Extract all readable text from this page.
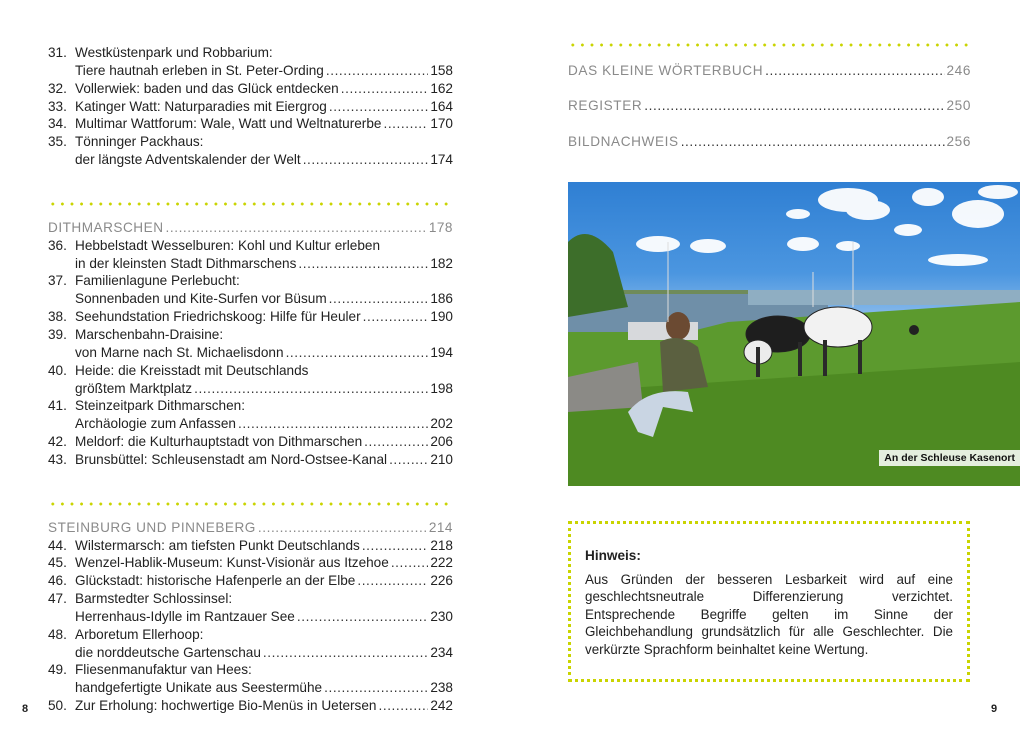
31. Westküstenpark und Robbarium:
Tiere hautnah erleben in St. Peter-Ording . . .	158
32. Vollerwiek: baden und das Glück entdecken . . .	162
33. Katinger Watt: Naturparadies mit Eiergrog . . .	164
34. Multimar Wattforum: Wale, Watt und Weltnaturerbe . . .	170
35. Tönninger Packhaus:
der längste Adventskalender der Welt . . .	174
DITHMARSCHEN . . .	178
36. Hebbelstadt Wesselburen: Kohl und Kultur erleben
in der kleinsten Stadt Dithmarschens . . .	182
37. Familienlagune Perlebucht:
Sonnenbaden und Kite-Surfen vor Büsum . . .	186
38. Seehundstation Friedrichskoog: Hilfe für Heuler . . .	190
39. Marschenbahn-Draisine:
von Marne nach St. Michaelisdonn . . .	194
40. Heide: die Kreisstadt mit Deutschlands
größtem Marktplatz . . .	198
41. Steinzeitpark Dithmarschen:
Archäologie zum Anfassen . . .	202
42. Meldorf: die Kulturhauptstadt von Dithmarschen . . .	206
43. Brunsbüttel: Schleusenstadt am Nord-Ostsee-Kanal . . .	210
STEINBURG UND PINNEBERG . . .	214
44. Wilstermarsch: am tiefsten Punkt Deutschlands . . .	218
45. Wenzel-Hablik-Museum: Kunst-Visionär aus Itzehoe . . .	222
46. Glückstadt: historische Hafenperle an der Elbe . . .	226
47. Barmstedter Schlossinsel:
Herrenhaus-Idylle im Rantzauer See . . .	230
48. Arboretum Ellerhoop:
die norddeutsche Gartenschau . . .	234
49. Fliesenmanufaktur van Hees:
handgefertigte Unikate aus Seestermühe . . .	238
50. Zur Erholung: hochwertige Bio-Menüs in Uetersen . . .	242
DAS KLEINE WÖRTERBUCH . . .	246
REGISTER . . .	250
BILDNACHWEIS . . .	256
An der Schleuse Kasenort
Hinweis:

Aus Gründen der besseren Lesbarkeit wird auf eine geschlechtsneutrale Differenzierung verzichtet. Entsprechende Begriffe gelten im Sinne der Gleichbehandlung grundsätzlich für alle Geschlechter. Die verkürzte Sprachform beinhaltet keine Wertung.

8	9
